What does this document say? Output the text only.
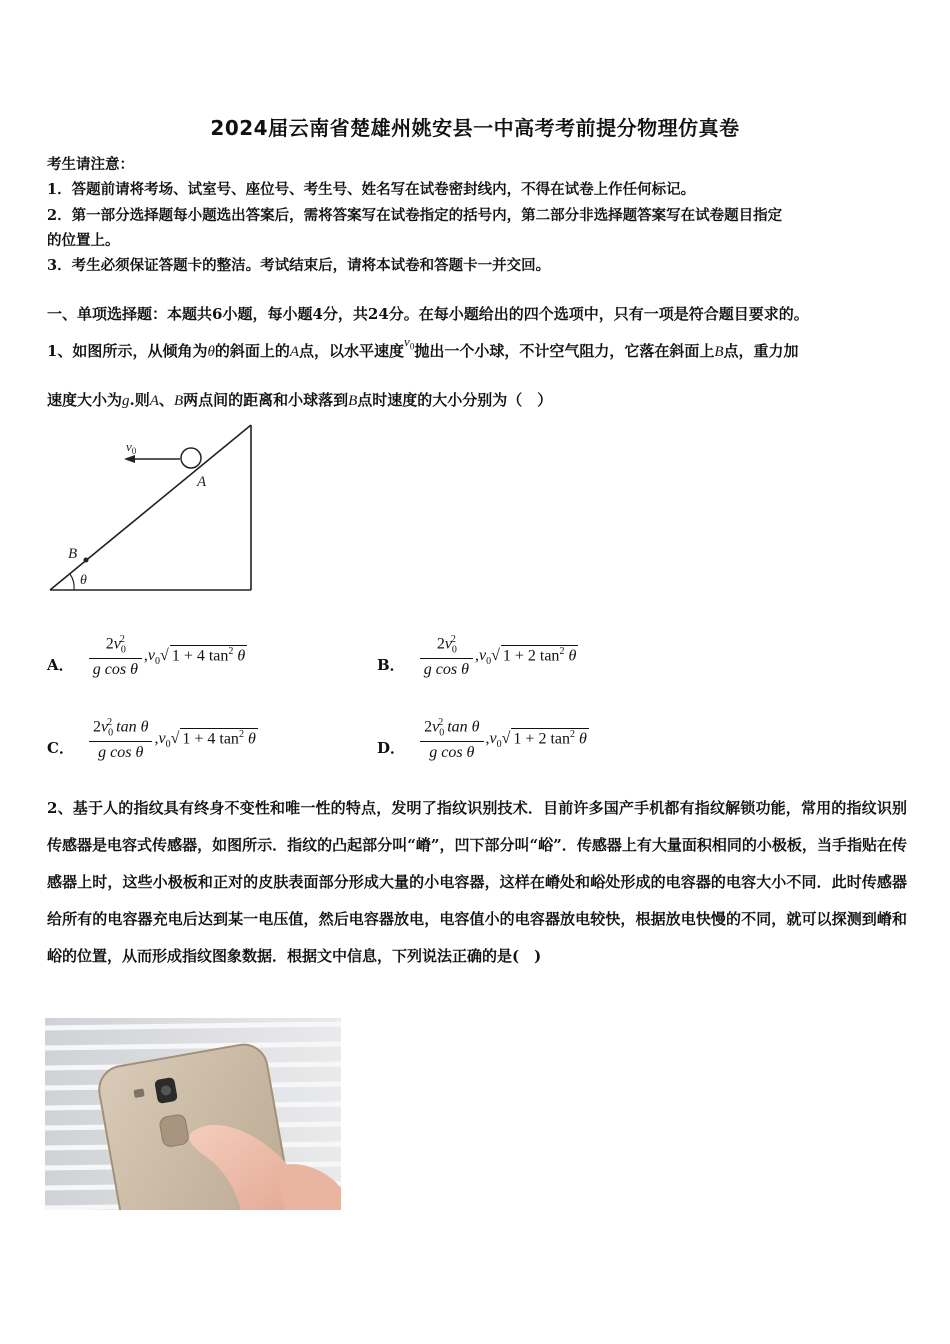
2024届云南省楚雄州姚安县一中高考考前提分物理仿真卷
考生请注意：
1．答题前请将考场、试室号、座位号、考生号、姓名写在试卷密封线内，不得在试卷上作任何标记。
2．第一部分选择题每小题选出答案后，需将答案写在试卷指定的括号内，第二部分非选择题答案写在试卷题目指定
的位置上。
3．考生必须保证答题卡的整洁。考试结束后，请将本试卷和答题卡一并交回。
一、单项选择题：本题共6小题，每小题4分，共24分。在每小题给出的四个选项中，只有一项是符合题目要求的。
1、如图所示，从倾角为θ的斜面上的A点，以水平速度$v_0$抛出一个小球，不计空气阻力，它落在斜面上B点，重力加
速度大小为g.则A、B两点间的距离和小球落到B点时速度的大小分别为（　）
$v_0$
A
B
θ
A． $\frac{2v_0^2}{\text{g cos θ}} ,v_0√$ 1 + 4 $\tan^2 \theta$
B． $\frac{2v_0^2}{\text{g cos θ}} ,v_0√$ 1 + 2 $\tan^2 \theta$
C． $\frac{2v_0^2 \tan \theta}{\text{g cos θ}} ,v_0√$ 1 + 4 $\tan^2 \theta$
D． $\frac{2v_0^2 \tan \theta}{\text{g cos θ}} ,v_0√$ 1 + 2 $\tan^2 \theta$
2、基于人的指纹具有终身不变性和唯一性的特点，发明了指纹识别技术．目前许多国产手机都有指纹解锁功能，常用的指纹识别传感器是电容式传感器，如图所示．指纹的凸起部分叫“嵴”，凹下部分叫“峪”．传感器上有大量面积相同的小极板，当手指贴在传感器上时，这些小极板和正对的皮肤表面部分形成大量的小电容器，这样在嵴处和峪处形成的电容器的电容大小不同．此时传感器给所有的电容器充电后达到某一电压值，然后电容器放电，电容值小的电容器放电较快，根据放电快慢的不同，就可以探测到嵴和峪的位置，从而形成指纹图象数据．根据文中信息，下列说法正确的是(　)
